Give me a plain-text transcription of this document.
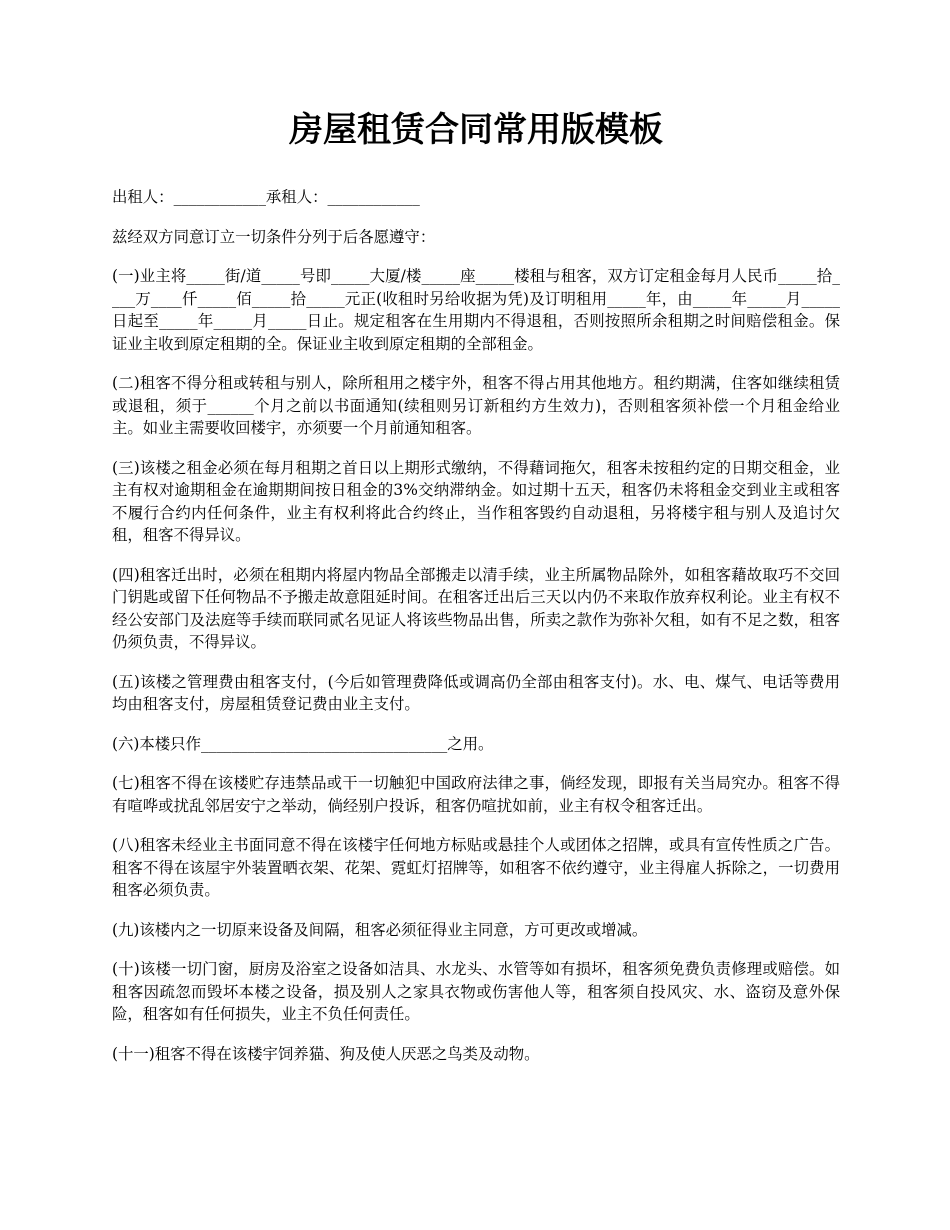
房屋租赁合同常用版模板

出租人：____________承租人：____________

兹经双方同意订立一切条件分列于后各愿遵守：

(一)业主将_____街/道_____号即_____大厦/楼_____座_____楼租与租客，双方订定租金每月人民币_____拾____万____仟_____佰_____拾_____元正(收租时另给收据为凭)及订明租用_____年，由_____年_____月_____日起至_____年_____月_____日止。规定租客在生用期内不得退租，否则按照所余租期之时间赔偿租金。保证业主收到原定租期的全。保证业主收到原定租期的全部租金。

(二)租客不得分租或转租与别人，除所租用之楼宇外，租客不得占用其他地方。租约期满，住客如继续租赁或退租，须于______个月之前以书面通知(续租则另订新租约方生效力)，否则租客须补偿一个月租金给业主。如业主需要收回楼宇，亦须要一个月前通知租客。

(三)该楼之租金必须在每月租期之首日以上期形式缴纳，不得藉词拖欠，租客未按租约定的日期交租金，业主有权对逾期租金在逾期期间按日租金的3%交纳滞纳金。如过期十五天，租客仍未将租金交到业主或租客不履行合约内任何条件，业主有权利将此合约终止，当作租客毁约自动退租，另将楼宇租与别人及追讨欠租，租客不得异议。

(四)租客迁出时，必须在租期内将屋内物品全部搬走以清手续，业主所属物品除外，如租客藉故取巧不交回门钥匙或留下任何物品不予搬走故意阻延时间。在租客迁出后三天以内仍不来取作放弃权利论。业主有权不经公安部门及法庭等手续而联同贰名见证人将该些物品出售，所卖之款作为弥补欠租，如有不足之数，租客仍须负责，不得异议。

(五)该楼之管理费由租客支付，(今后如管理费降低或调高仍全部由租客支付)。水、电、煤气、电话等费用均由租客支付，房屋租赁登记费由业主支付。

(六)本楼只作________________________________之用。

(七)租客不得在该楼贮存违禁品或干一切触犯中国政府法律之事，倘经发现，即报有关当局究办。租客不得有喧哗或扰乱邻居安宁之举动，倘经别户投诉，租客仍喧扰如前，业主有权令租客迁出。

(八)租客未经业主书面同意不得在该楼宇任何地方标贴或悬挂个人或团体之招牌，或具有宣传性质之广告。租客不得在该屋宇外装置晒衣架、花架、霓虹灯招牌等，如租客不依约遵守，业主得雇人拆除之，一切费用租客必须负责。

(九)该楼内之一切原来设备及间隔，租客必须征得业主同意，方可更改或增减。

(十)该楼一切门窗，厨房及浴室之设备如洁具、水龙头、水管等如有损坏，租客须免费负责修理或赔偿。如租客因疏忽而毁坏本楼之设备，损及别人之家具衣物或伤害他人等，租客须自投风灾、水、盗窃及意外保险，租客如有任何损失，业主不负任何责任。

(十一)租客不得在该楼宇饲养猫、狗及使人厌恶之鸟类及动物。
